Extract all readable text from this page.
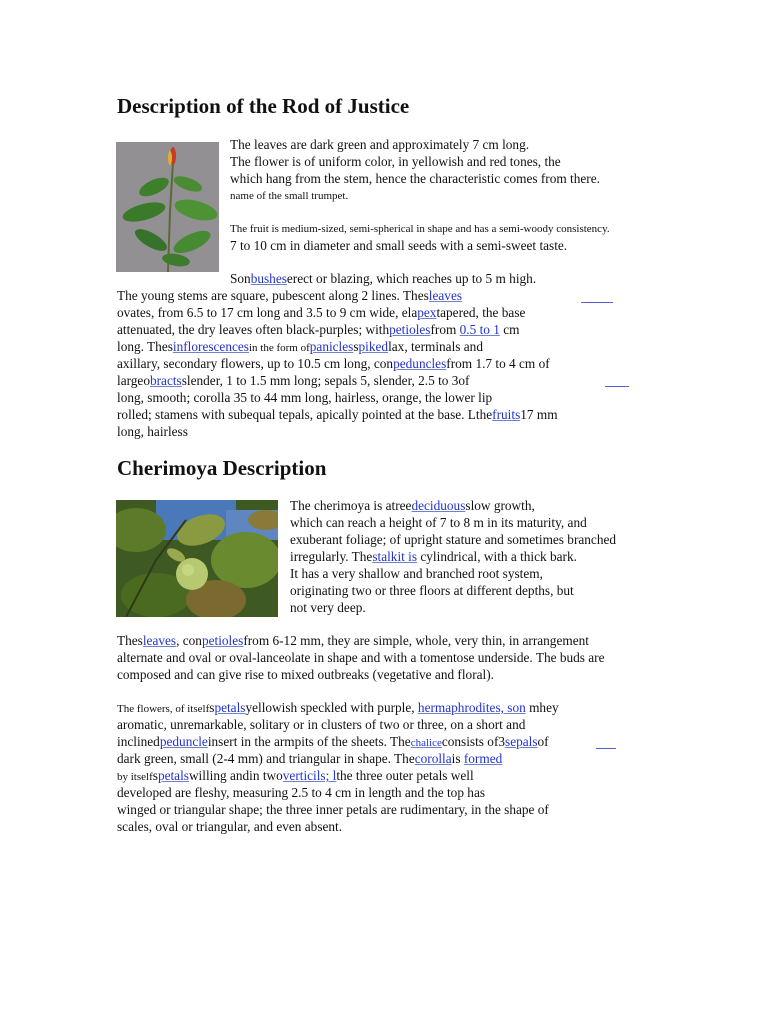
Description of the Rod of Justice
The leaves are dark green and approximately 7 cm long.
The flower is of uniform color, in yellowish and red tones, the
which hang from the stem, hence the characteristic comes from there.
name of the small trumpet.
The fruit is medium-sized, semi-spherical in shape and has a semi-woody consistency.
7 to 10 cm in diameter and small seeds with a semi-sweet taste.
Sonbusheserect or blazing, which reaches up to 5 m high.
The young stems are square, pubescent along 2 lines. Thesleaves
ovates, from 6.5 to 17 cm long and 3.5 to 9 cm wide, elapextapered, the base
attenuated, the dry leaves often black-purples; withpetiolesfrom 0.5 to 1 cm
long. Thesinflorescencesin the form ofpaniclesspikedlax, terminals and
axillary, secondary flowers, up to 10.5 cm long, conpedunclesfrom 1.7 to 4 cm of
largeobractsslender, 1 to 1.5 mm long; sepals 5, slender, 2.5 to 3of
long, smooth; corolla 35 to 44 mm long, hairless, orange, the lower lip
rolled; stamens with subequal tepals, apically pointed at the base. Lthefruits17 mm
long, hairless
Cherimoya Description
The cherimoya is atreedeciduousslow growth,
which can reach a height of 7 to 8 m in its maturity, and
exuberant foliage; of upright stature and sometimes branched
irregularly. Thestalkit is cylindrical, with a thick bark.
It has a very shallow and branched root system,
originating two or three floors at different depths, but
not very deep.
Thesleaves, conpetiolesfrom 6-12 mm, they are simple, whole, very thin, in arrangement
alternate and oval or oval-lanceolate in shape and with a tomentose underside. The buds are
composed and can give rise to mixed outbreaks (vegetative and floral).
The flowers, of itselfspetalsyellowish speckled with purple, hermaphrodites, son mhey
aromatic, unremarkable, solitary or in clusters of two or three, on a short and
inclinedpeduncleinsert in the armpits of the sheets. Thechaliceconsists of3sepalsof
dark green, small (2-4 mm) and triangular in shape. Thecorollais formed
by itselfspetalswilling andin twoverticils; lthe three outer petals well
developed are fleshy, measuring 2.5 to 4 cm in length and the top has
winged or triangular shape; the three inner petals are rudimentary, in the shape of
scales, oval or triangular, and even absent.
